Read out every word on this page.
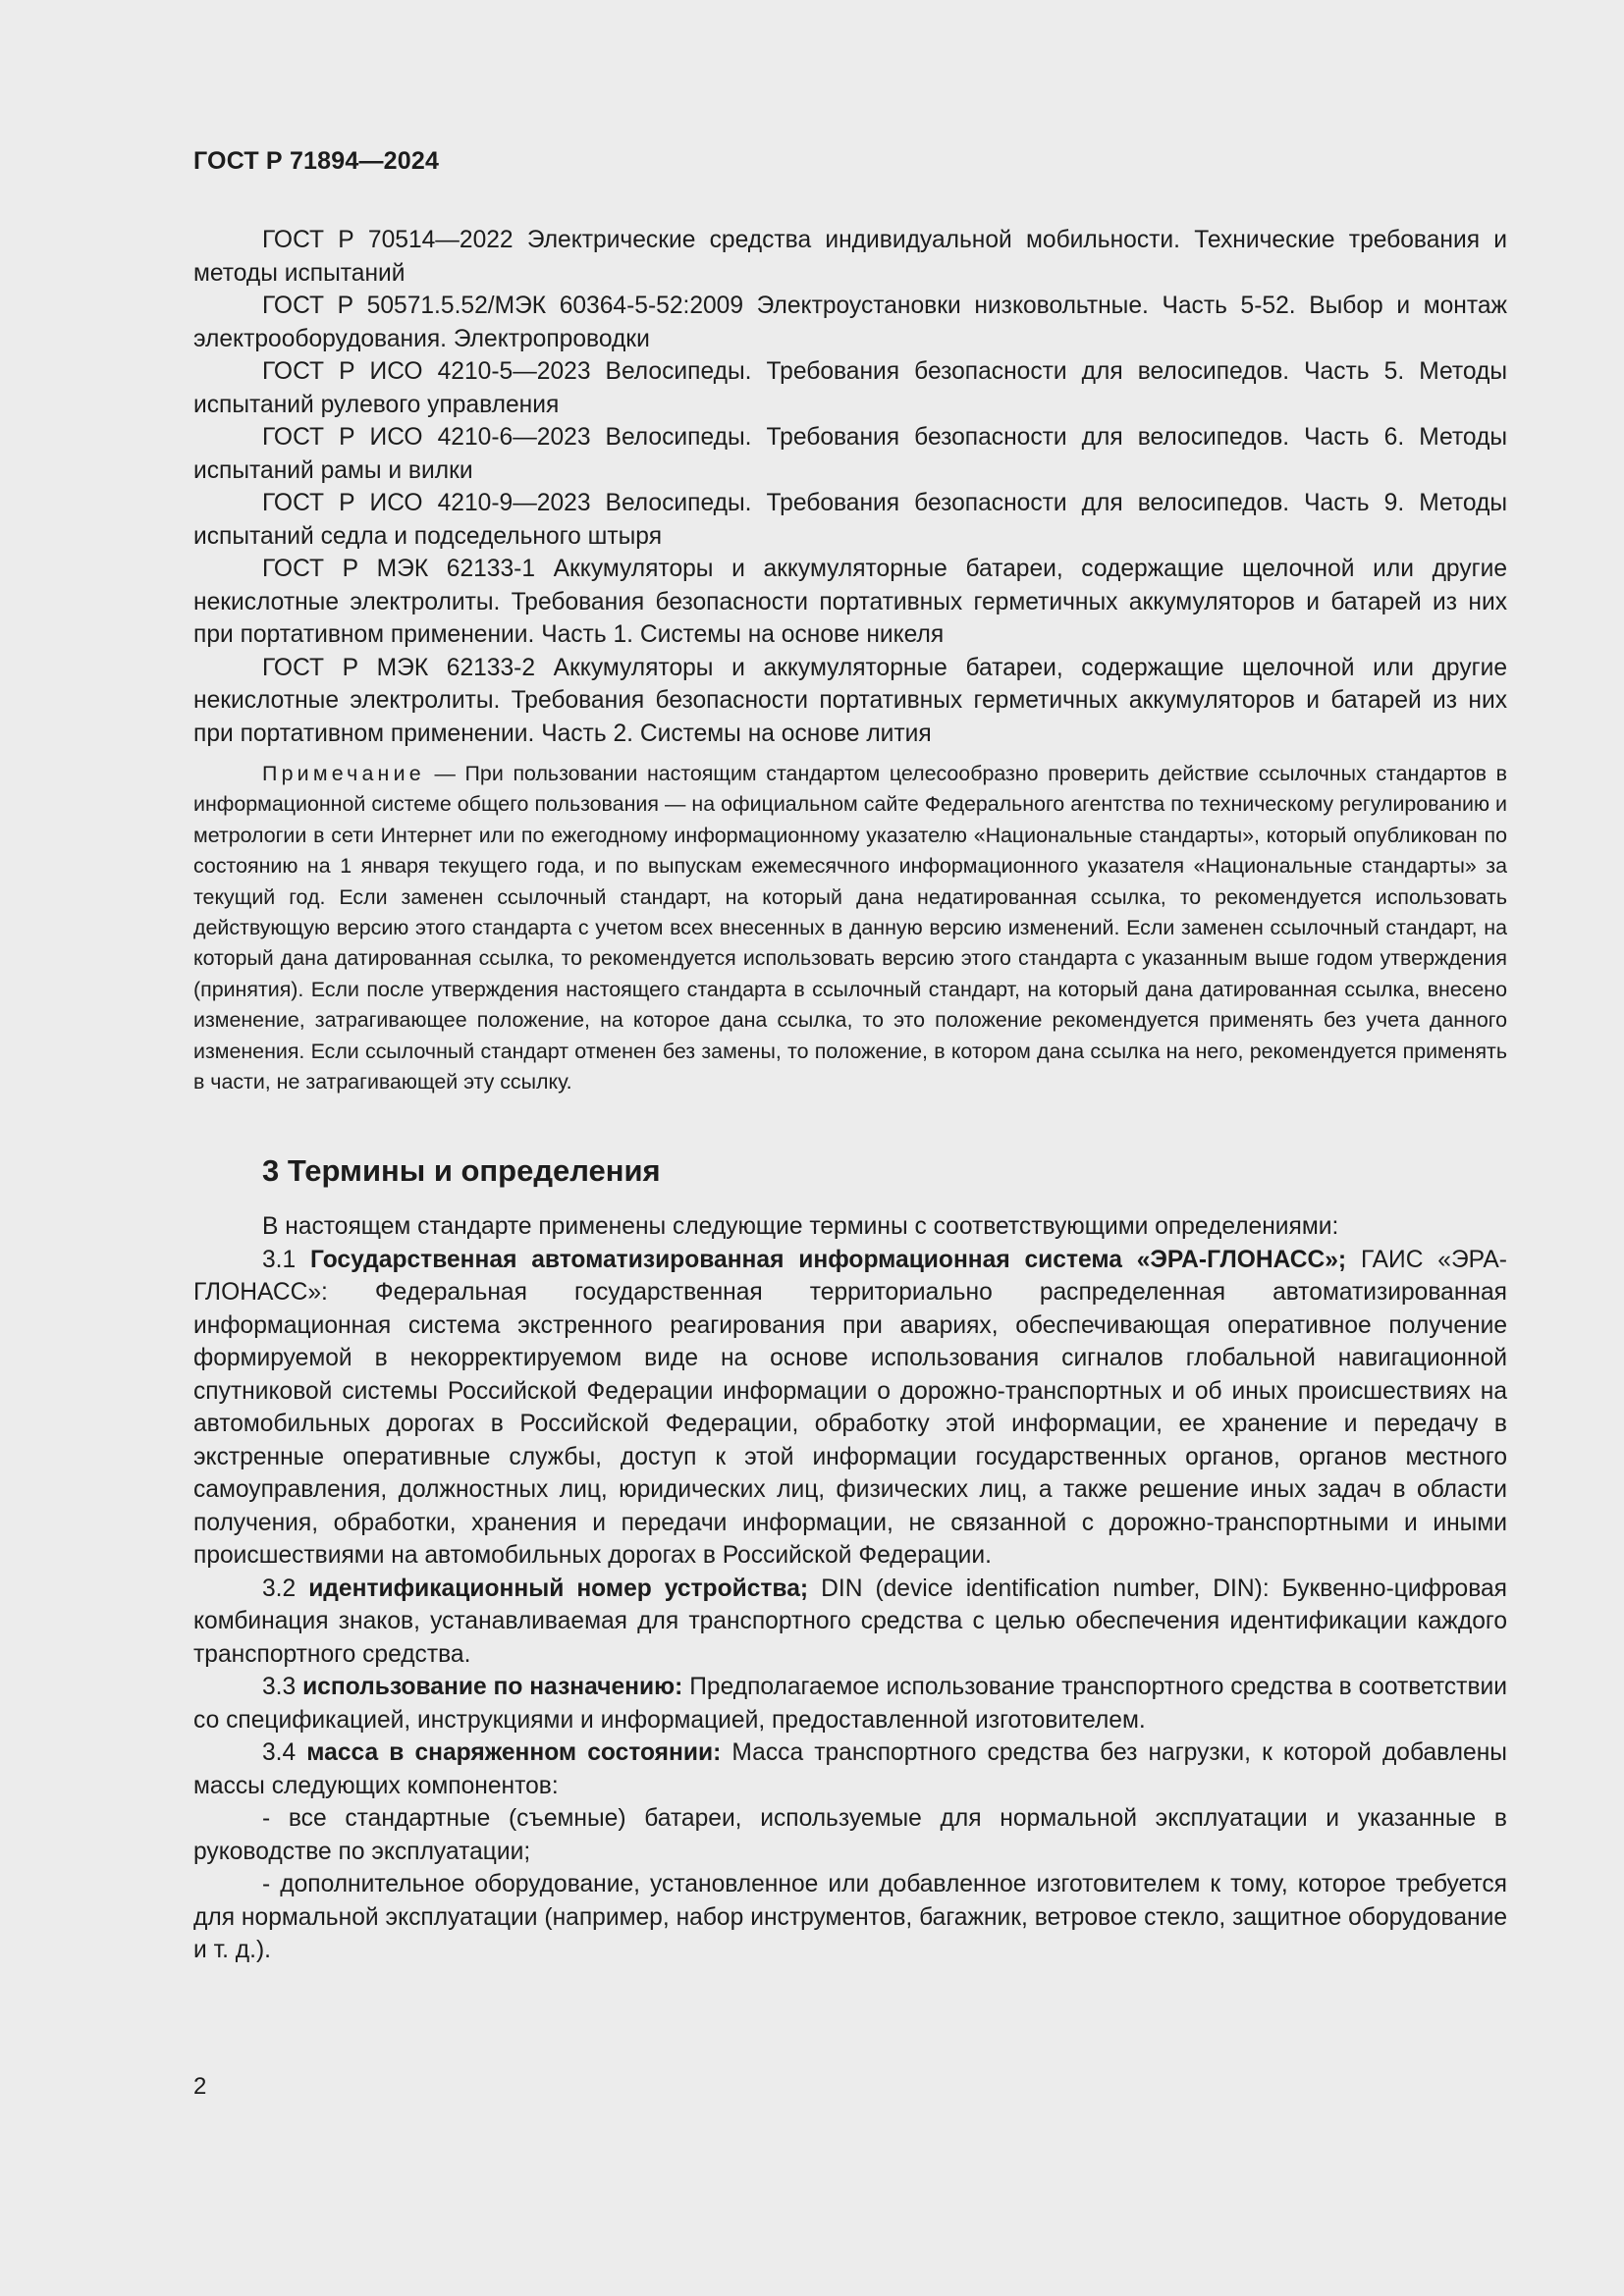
ГОСТ Р 71894—2024

ГОСТ Р 70514—2022 Электрические средства индивидуальной мобильности. Технические требования и методы испытаний

ГОСТ Р 50571.5.52/МЭК 60364-5-52:2009 Электроустановки низковольтные. Часть 5-52. Выбор и монтаж электрооборудования. Электропроводки

ГОСТ Р ИСО 4210-5—2023 Велосипеды. Требования безопасности для велосипедов. Часть 5. Методы испытаний рулевого управления

ГОСТ Р ИСО 4210-6—2023 Велосипеды. Требования безопасности для велосипедов. Часть 6. Методы испытаний рамы и вилки

ГОСТ Р ИСО 4210-9—2023 Велосипеды. Требования безопасности для велосипедов. Часть 9. Методы испытаний седла и подседельного штыря

ГОСТ Р МЭК 62133-1 Аккумуляторы и аккумуляторные батареи, содержащие щелочной или другие некислотные электролиты. Требования безопасности портативных герметичных аккумуляторов и батарей из них при портативном применении. Часть 1. Системы на основе никеля

ГОСТ Р МЭК 62133-2 Аккумуляторы и аккумуляторные батареи, содержащие щелочной или другие некислотные электролиты. Требования безопасности портативных герметичных аккумуляторов и батарей из них при портативном применении. Часть 2. Системы на основе лития

Примечание — При пользовании настоящим стандартом целесообразно проверить действие ссылочных стандартов в информационной системе общего пользования — на официальном сайте Федерального агентства по техническому регулированию и метрологии в сети Интернет или по ежегодному информационному указателю «Национальные стандарты», который опубликован по состоянию на 1 января текущего года, и по выпускам ежемесячного информационного указателя «Национальные стандарты» за текущий год. Если заменен ссылочный стандарт, на который дана недатированная ссылка, то рекомендуется использовать действующую версию этого стандарта с учетом всех внесенных в данную версию изменений. Если заменен ссылочный стандарт, на который дана датированная ссылка, то рекомендуется использовать версию этого стандарта с указанным выше годом утверждения (принятия). Если после утверждения настоящего стандарта в ссылочный стандарт, на который дана датированная ссылка, внесено изменение, затрагивающее положение, на которое дана ссылка, то это положение рекомендуется применять без учета данного изменения. Если ссылочный стандарт отменен без замены, то положение, в котором дана ссылка на него, рекомендуется применять в части, не затрагивающей эту ссылку.

3 Термины и определения

В настоящем стандарте применены следующие термины с соответствующими определениями:

3.1 Государственная автоматизированная информационная система «ЭРА-ГЛОНАСС»; ГАИС «ЭРА-ГЛОНАСС»: Федеральная государственная территориально распределенная автоматизированная информационная система экстренного реагирования при авариях, обеспечивающая оперативное получение формируемой в некорректируемом виде на основе использования сигналов глобальной навигационной спутниковой системы Российской Федерации информации о дорожно-транспортных и об иных происшествиях на автомобильных дорогах в Российской Федерации, обработку этой информации, ее хранение и передачу в экстренные оперативные службы, доступ к этой информации государственных органов, органов местного самоуправления, должностных лиц, юридических лиц, физических лиц, а также решение иных задач в области получения, обработки, хранения и передачи информации, не связанной с дорожно-транспортными и иными происшествиями на автомобильных дорогах в Российской Федерации.

3.2 идентификационный номер устройства; DIN (device identification number, DIN): Буквенно-цифровая комбинация знаков, устанавливаемая для транспортного средства с целью обеспечения идентификации каждого транспортного средства.

3.3 использование по назначению: Предполагаемое использование транспортного средства в соответствии со спецификацией, инструкциями и информацией, предоставленной изготовителем.

3.4 масса в снаряженном состоянии: Масса транспортного средства без нагрузки, к которой добавлены массы следующих компонентов:

- все стандартные (съемные) батареи, используемые для нормальной эксплуатации и указанные в руководстве по эксплуатации;

- дополнительное оборудование, установленное или добавленное изготовителем к тому, которое требуется для нормальной эксплуатации (например, набор инструментов, багажник, ветровое стекло, защитное оборудование и т. д.).

2
